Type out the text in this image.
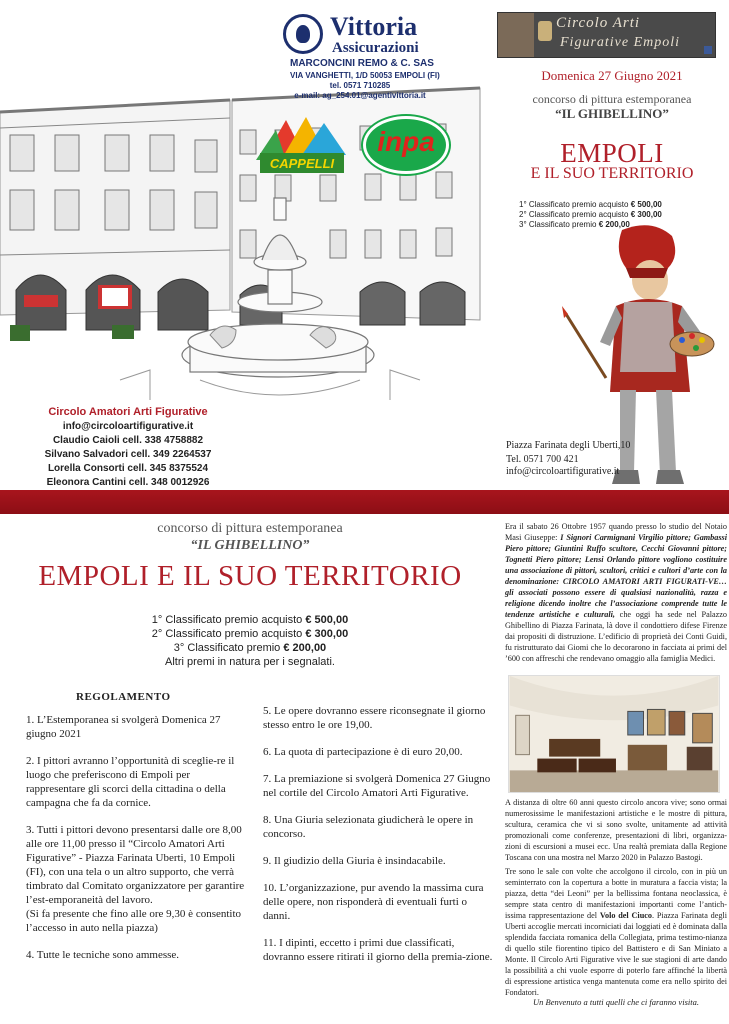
Vittoria
Assicurazioni
MARCONCINI REMO & C. SAS
VIA VANGHETTI, 1/D 50053 EMPOLI (FI)
tel. 0571 710285
e-mail: ag_254.01@agentivittoria.it
CAPPELLI
inpa
Circolo Arti
Figurative Empoli
Domenica 27 Giugno 2021
concorso di pittura estemporanea
“IL GHIBELLINO”
EMPOLI
E IL SUO TERRITORIO
1° Classificato premio acquisto € 500,00
2° Classificato premio acquisto € 300,00
3° Classificato premio € 200,00
Piazza Farinata degli Uberti,10
Tel. 0571 700 421
info@circoloartifigurative.it
Circolo Amatori Arti Figurative
info@circoloartifigurative.it
Claudio Caioli cell. 338 4758882
Silvano Salvadori cell. 349 2264537
Lorella Consorti cell. 345 8375524
Eleonora Cantini cell. 348 0012926
concorso di pittura estemporanea
“IL GHIBELLINO”
EMPOLI E IL SUO TERRITORIO
1° Classificato premio acquisto € 500,00
2° Classificato premio acquisto € 300,00
3° Classificato premio € 200,00
Altri premi in natura per i segnalati.
REGOLAMENTO
1. L’Estemporanea si svolgerà Domenica 27 giugno 2021
2. I pittori avranno l’opportunità di sceglie-re il luogo che preferiscono di Empoli per rappresentare gli scorci della cittadina o della campagna che fa da cornice.
3. Tutti i pittori devono presentarsi dalle ore 8,00 alle ore 11,00 presso il “Circolo Amatori Arti Figurative” - Piazza Farinata Uberti, 10 Empoli (FI), con una tela o un altro supporto, che verrà timbrato dal Comitato organizzatore per garantire l’est-emporaneità del lavoro.
(Si fa presente che fino alle ore 9,30 è consentito l’accesso in auto nella piazza)
4. Tutte le tecniche sono ammesse.
5. Le opere dovranno essere riconsegnate il giorno stesso entro le ore 19,00.
6. La quota di partecipazione è di euro 20,00.
7. La premiazione si svolgerà Domenica 27 Giugno nel cortile del Circolo Amatori Arti Figurative.
8. Una Giuria selezionata giudicherà le opere in concorso.
9. Il giudizio della Giuria è insindacabile.
10. L’organizzazione, pur avendo la massima cura delle opere, non risponderà di eventuali furti o danni.
11. I dipinti, eccetto i primi due classificati, dovranno essere ritirati il giorno della premia-zione.
Era il sabato 26 Ottobre 1957 quando presso lo studio del Notaio Masi Giuseppe: I Signori Carmignani Virgilio pittore; Gambassi Piero pittore; Giuntini Ruffo scultore, Cecchi Giovanni pittore; Tognetti Piero pittore; Lensi Orlando pittore vogliono costituire una associazione di pittori, scultori, critici e cultori d’arte con la denominazione: CIRCOLO AMATORI ARTI FIGURATI-VE… gli associati possono essere di qualsiasi nazionalità, razza e religione dicendo inoltre che l’associazione comprende tutte le tendenze artistiche e culturali, che oggi ha sede nel Palazzo Ghibellino di Piazza Farinata, là dove il condottiero difese Firenze dai propositi di distruzione. L’edificio di proprietà dei Conti Guidi, fu ristrutturato dai Giomi che lo decorarono in facciata ai primi del ’600 con affreschi che rendevano omaggio alla famiglia Medici.
A distanza di oltre 60 anni questo circolo ancora vive; sono ormai numerosissime le manifestazioni artistiche e le mostre di pittura, scultura, ceramica che vi si sono svolte, unitamente ad attività promozionali come conferenze, presentazioni di libri, organizza-zioni di escursioni a musei ecc. Una realtà premiata dalla Regione Toscana con una mostra nel Marzo 2020 in Palazzo Bastogi.
Tre sono le sale con volte che accolgono il circolo, con in più un seminterrato con la copertura a botte in muratura a faccia vista; la piazza, detta “dei Leoni” per la bellissima fontana neoclassica, è sempre stata centro di manifestazioni importanti come l’antich-issima rappresentazione del Volo del Ciuco. Piazza Farinata degli Uberti accoglie mercati incorniciati dai loggiati ed è dominata dalla splendida facciata romanica della Collegiata, prima testimo-nianza di quello stile fiorentino tipico del Battistero e di San Miniato a Monte. Il Circolo Arti Figurative vive le sue stagioni di arte dando la possibilità a chi vuole esporre di poterlo fare affinché la libertà di espressione artistica venga mantenuta come era nello spirito dei Fondatori.
Un Benvenuto a tutti quelli che ci faranno visita.
